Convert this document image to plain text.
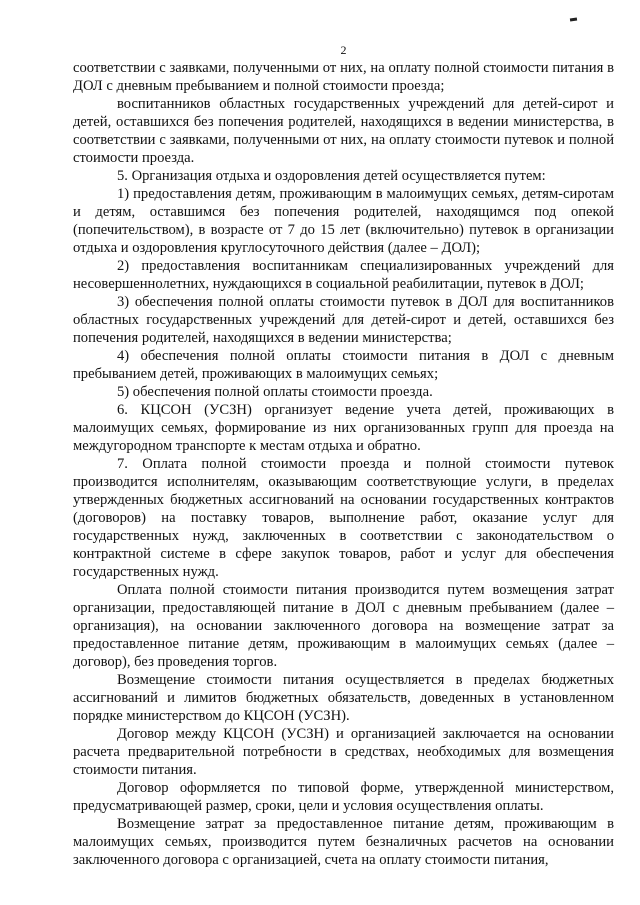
2

соответствии с заявками, полученными от них, на оплату полной стоимости питания в ДОЛ с дневным пребыванием и полной стоимости проезда;

воспитанников областных государственных учреждений для детей-сирот и детей, оставшихся без попечения родителей, находящихся в ведении министерства, в соответствии с заявками, полученными от них, на оплату стоимости путевок и полной стоимости проезда.

5. Организация отдыха и оздоровления детей осуществляется путем:

1) предоставления детям, проживающим в малоимущих семьях, детям-сиротам и детям, оставшимся без попечения родителей, находящимся под опекой (попечительством), в возрасте от 7 до 15 лет (включительно) путевок в организации отдыха и оздоровления круглосуточного действия (далее – ДОЛ);

2) предоставления воспитанникам специализированных учреждений для несовершеннолетних, нуждающихся в социальной реабилитации, путевок в ДОЛ;

3) обеспечения полной оплаты стоимости путевок в ДОЛ для воспитанников областных государственных учреждений для детей-сирот и детей, оставшихся без попечения родителей, находящихся в ведении министерства;

4) обеспечения полной оплаты стоимости питания в ДОЛ с дневным пребыванием детей, проживающих в малоимущих семьях;

5) обеспечения полной оплаты стоимости проезда.

6. КЦСОН (УСЗН) организует ведение учета детей, проживающих в малоимущих семьях, формирование из них организованных групп для проезда на междугородном транспорте к местам отдыха и обратно.

7. Оплата полной стоимости проезда и полной стоимости путевок производится исполнителям, оказывающим соответствующие услуги, в пределах утвержденных бюджетных ассигнований на основании государственных контрактов (договоров) на поставку товаров, выполнение работ, оказание услуг для государственных нужд, заключенных в соответствии с законодательством о контрактной системе в сфере закупок товаров, работ и услуг для обеспечения государственных нужд.

Оплата полной стоимости питания производится путем возмещения затрат организации, предоставляющей питание в ДОЛ с дневным пребыванием (далее – организация), на основании заключенного договора на возмещение затрат за предоставленное питание детям, проживающим в малоимущих семьях (далее – договор), без проведения торгов.

Возмещение стоимости питания осуществляется в пределах бюджетных ассигнований и лимитов бюджетных обязательств, доведенных в установленном порядке министерством до КЦСОН (УСЗН).

Договор между КЦСОН (УСЗН) и организацией заключается на основании расчета предварительной потребности в средствах, необходимых для возмещения стоимости питания.

Договор оформляется по типовой форме, утвержденной министерством, предусматривающей размер, сроки, цели и условия осуществления оплаты.

Возмещение затрат за предоставленное питание детям, проживающим в малоимущих семьях, производится путем безналичных расчетов на основании заключенного договора с организацией, счета на оплату стоимости питания,
